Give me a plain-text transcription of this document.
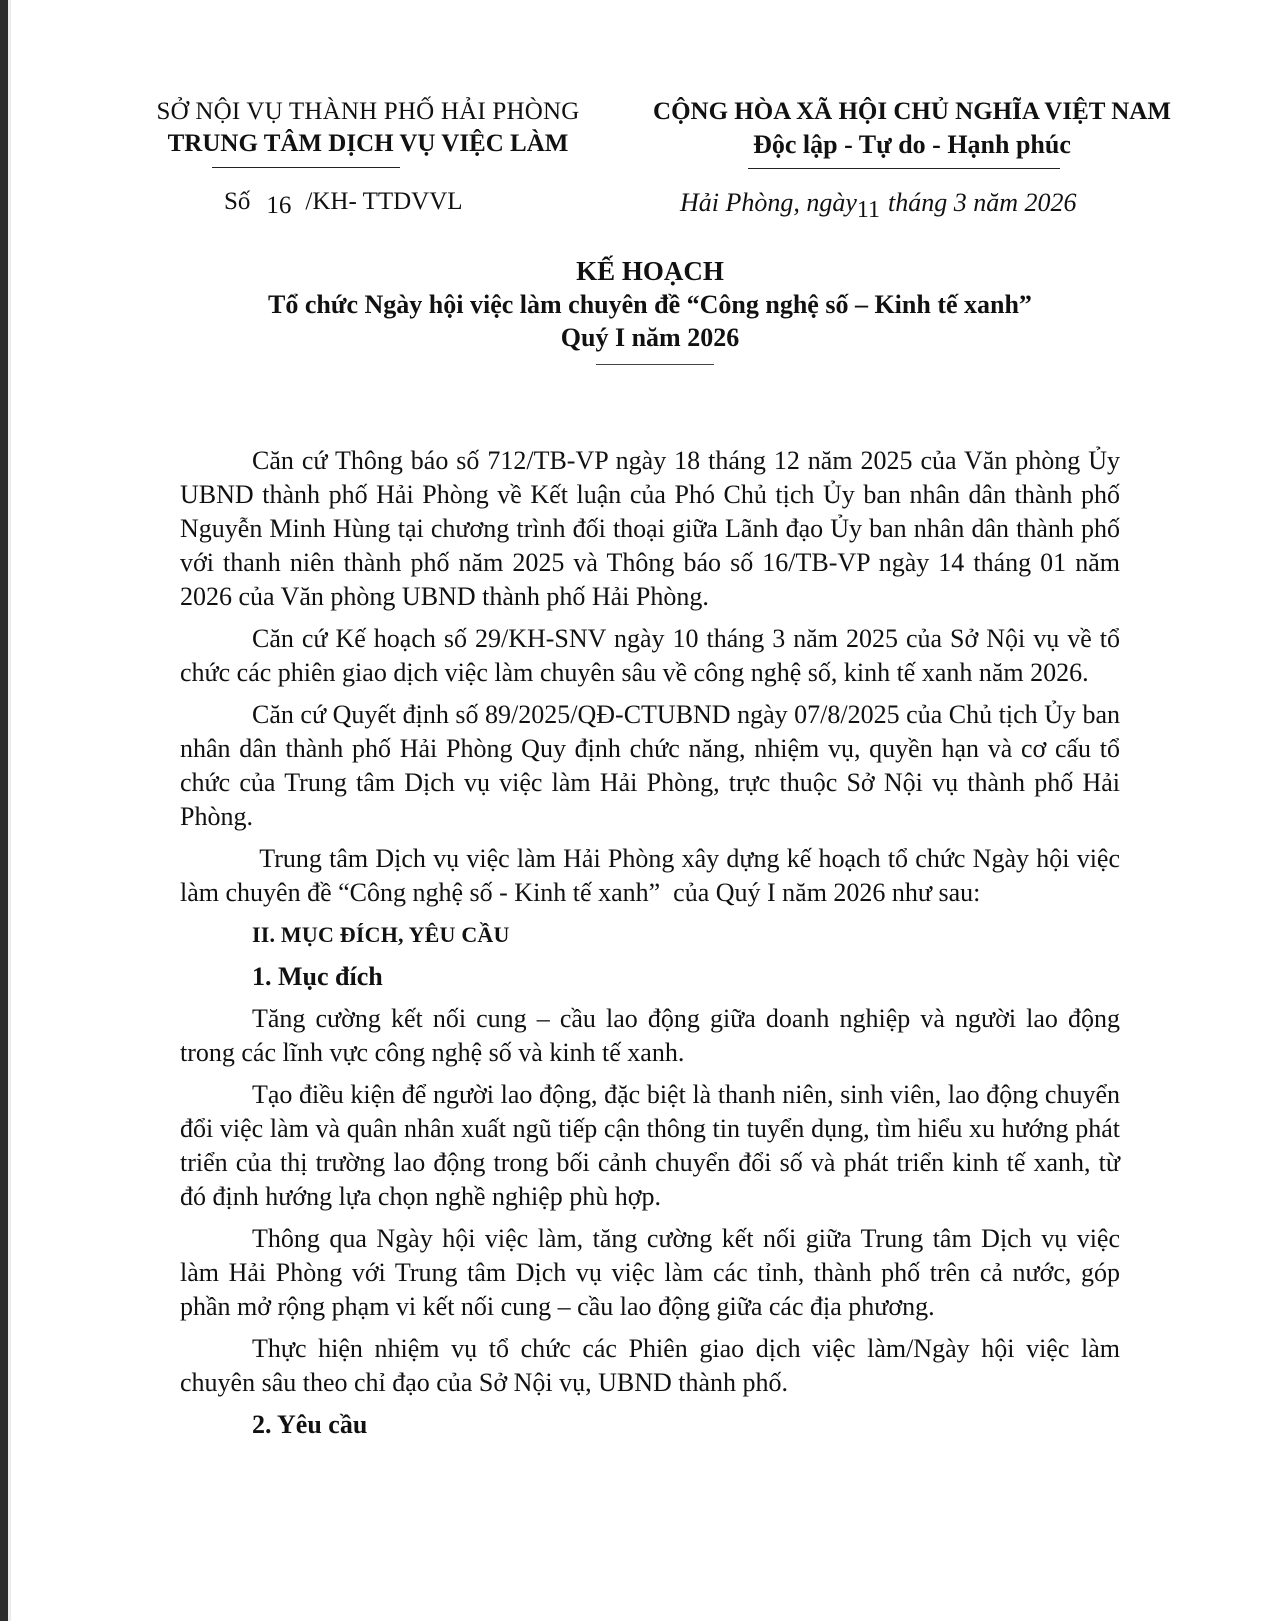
SỞ NỘI VỤ THÀNH PHỐ HẢI PHÒNG
TRUNG TÂM DỊCH VỤ VIỆC LÀM
CỘNG HÒA XÃ HỘI CHỦ NGHĨA VIỆT NAM
Độc lập - Tự do - Hạnh phúc
Số 16 /KH- TTDVVL	Hải Phòng, ngày11 tháng 3 năm 2026
KẾ HOẠCH
Tổ chức Ngày hội việc làm chuyên đề “Công nghệ số – Kinh tế xanh”
Quý I năm 2026

Căn cứ Thông báo số 712/TB-VP ngày 18 tháng 12 năm 2025 của Văn phòng Ủy UBND thành phố Hải Phòng về Kết luận của Phó Chủ tịch Ủy ban nhân dân thành phố Nguyễn Minh Hùng tại chương trình đối thoại giữa Lãnh đạo Ủy ban nhân dân thành phố với thanh niên thành phố năm 2025 và Thông báo số 16/TB-VP ngày 14 tháng 01 năm 2026 của Văn phòng UBND thành phố Hải Phòng.

Căn cứ Kế hoạch số 29/KH-SNV ngày 10 tháng 3 năm 2025 của Sở Nội vụ về tổ chức các phiên giao dịch việc làm chuyên sâu về công nghệ số, kinh tế xanh năm 2026.

Căn cứ Quyết định số 89/2025/QĐ-CTUBND ngày 07/8/2025 của Chủ tịch Ủy ban nhân dân thành phố Hải Phòng Quy định chức năng, nhiệm vụ, quyền hạn và cơ cấu tổ chức của Trung tâm Dịch vụ việc làm Hải Phòng, trực thuộc Sở Nội vụ thành phố Hải Phòng.

Trung tâm Dịch vụ việc làm Hải Phòng xây dựng kế hoạch tổ chức Ngày hội việc làm chuyên đề “Công nghệ số - Kinh tế xanh”  của Quý I năm 2026 như sau:

II. MỤC ĐÍCH, YÊU CẦU
1. Mục đích

Tăng cường kết nối cung – cầu lao động giữa doanh nghiệp và người lao động trong các lĩnh vực công nghệ số và kinh tế xanh.

Tạo điều kiện để người lao động, đặc biệt là thanh niên, sinh viên, lao động chuyển đổi việc làm và quân nhân xuất ngũ tiếp cận thông tin tuyển dụng, tìm hiểu xu hướng phát triển của thị trường lao động trong bối cảnh chuyển đổi số và phát triển kinh tế xanh, từ đó định hướng lựa chọn nghề nghiệp phù hợp.

Thông qua Ngày hội việc làm, tăng cường kết nối giữa Trung tâm Dịch vụ việc làm Hải Phòng với Trung tâm Dịch vụ việc làm các tỉnh, thành phố trên cả nước, góp phần mở rộng phạm vi kết nối cung – cầu lao động giữa các địa phương.

Thực hiện nhiệm vụ tổ chức các Phiên giao dịch việc làm/Ngày hội việc làm chuyên sâu theo chỉ đạo của Sở Nội vụ, UBND thành phố.

2. Yêu cầu
